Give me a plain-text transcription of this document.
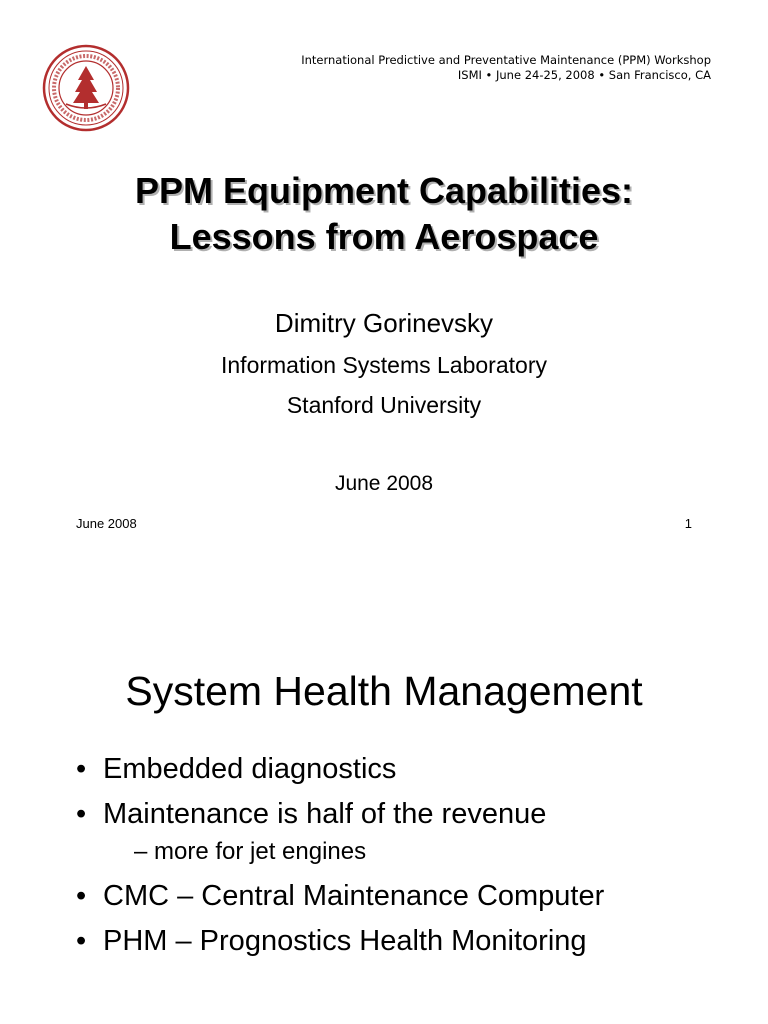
International Predictive and Preventative Maintenance (PPM) Workshop
ISMI • June 24-25, 2008 • San Francisco, CA
PPM Equipment Capabilities:
Lessons from Aerospace
Dimitry Gorinevsky
Information Systems Laboratory
Stanford University
June 2008
June 2008	1
System Health Management
• Embedded diagnostics
• Maintenance is half of the revenue
– more for jet engines
• CMC – Central Maintenance Computer
• PHM – Prognostics Health Monitoring
